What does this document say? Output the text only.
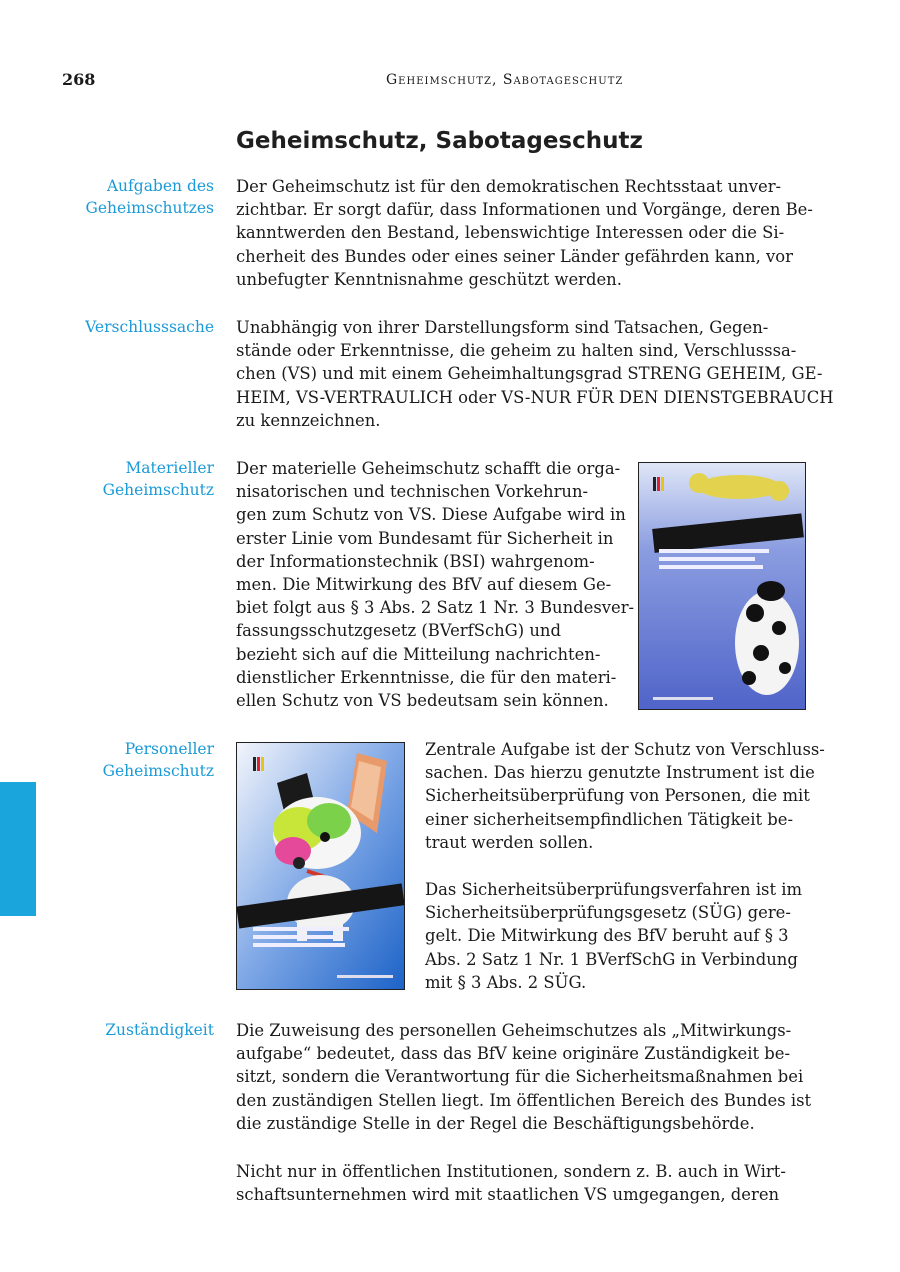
268	Geheimschutz, Sabotageschutz
Geheimschutz, Sabotageschutz
Aufgaben des
Geheimschutzes
Verschlusssache
Materieller
Geheimschutz
Personeller
Geheimschutz
Zuständigkeit
Der Geheimschutz ist für den demokratischen Rechtsstaat unver-
zichtbar. Er sorgt dafür, dass Informationen und Vorgänge, deren Be-
kanntwerden den Bestand, lebenswichtige Interessen oder die Si-
cherheit des Bundes oder eines seiner Länder gefährden kann, vor
unbefugter Kenntnisnahme geschützt werden.
Unabhängig von ihrer Darstellungsform sind Tatsachen, Gegen-
stände oder Erkenntnisse, die geheim zu halten sind, Verschlusssa-
chen (VS) und mit einem Geheimhaltungsgrad STRENG GEHEIM, GE-
HEIM, VS-VERTRAULICH oder VS-NUR FÜR DEN DIENSTGEBRAUCH
zu kennzeichnen.
Der materielle Geheimschutz schafft die orga-
nisatorischen und technischen Vorkehrun-
gen zum Schutz von VS. Diese Aufgabe wird in
erster Linie vom Bundesamt für Sicherheit in
der Informationstechnik (BSI) wahrgenom-
men. Die Mitwirkung des BfV auf diesem Ge-
biet folgt aus § 3 Abs. 2 Satz 1 Nr. 3 Bundesver-
fassungsschutzgesetz (BVerfSchG) und
bezieht sich auf die Mitteilung nachrichten-
dienstlicher Erkenntnisse, die für den materi-
ellen Schutz von VS bedeutsam sein können.
Zentrale Aufgabe ist der Schutz von Verschluss-
sachen. Das hierzu genutzte Instrument ist die
Sicherheitsüberprüfung von Personen, die mit
einer sicherheitsempfindlichen Tätigkeit be-
traut werden sollen.
Das Sicherheitsüberprüfungsverfahren ist im
Sicherheitsüberprüfungsgesetz (SÜG) gere-
gelt. Die Mitwirkung des BfV beruht auf § 3
Abs. 2 Satz 1 Nr. 1 BVerfSchG in Verbindung
mit § 3 Abs. 2 SÜG.
Die Zuweisung des personellen Geheimschutzes als „Mitwirkungs-
aufgabe“ bedeutet, dass das BfV keine originäre Zuständigkeit be-
sitzt, sondern die Verantwortung für die Sicherheitsmaßnahmen bei
den zuständigen Stellen liegt. Im öffentlichen Bereich des Bundes ist
die zuständige Stelle in der Regel die Beschäftigungsbehörde.
Nicht nur in öffentlichen Institutionen, sondern z. B. auch in Wirt-
schaftsunternehmen wird mit staatlichen VS umgegangen, deren
